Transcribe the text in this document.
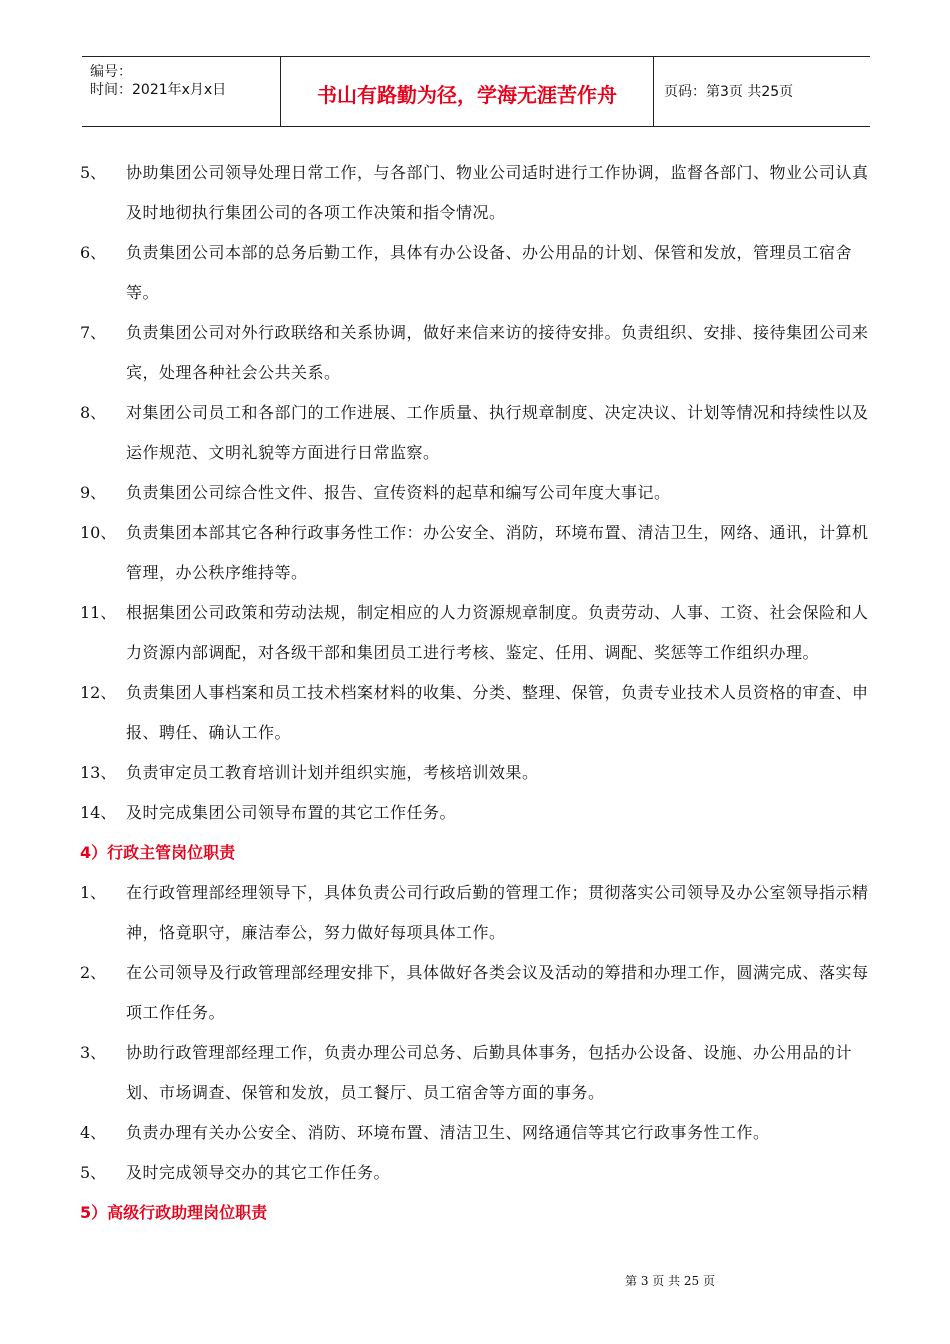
编号：
时间：2021年x月x日	书山有路勤为径，学海无涯苦作舟	页码：第3页 共25页
5、	协助集团公司领导处理日常工作，与各部门、物业公司适时进行工作协调，监督各部门、物业公司认真及时地彻执行集团公司的各项工作决策和指令情况。
6、	负责集团公司本部的总务后勤工作，具体有办公设备、办公用品的计划、保管和发放，管理员工宿舍等。
7、	负责集团公司对外行政联络和关系协调，做好来信来访的接待安排。负责组织、安排、接待集团公司来宾，处理各种社会公共关系。
8、	对集团公司员工和各部门的工作进展、工作质量、执行规章制度、决定决议、计划等情况和持续性以及运作规范、文明礼貌等方面进行日常监察。
9、	负责集团公司综合性文件、报告、宣传资料的起草和编写公司年度大事记。
10、 负责集团本部其它各种行政事务性工作：办公安全、消防，环境布置、清洁卫生，网络、通讯，计算机管理，办公秩序维持等。
11、 根据集团公司政策和劳动法规，制定相应的人力资源规章制度。负责劳动、人事、工资、社会保险和人力资源内部调配，对各级干部和集团员工进行考核、鉴定、任用、调配、奖惩等工作组织办理。
12、 负责集团人事档案和员工技术档案材料的收集、分类、整理、保管，负责专业技术人员资格的审查、申报、聘任、确认工作。
13、 负责审定员工教育培训计划并组织实施，考核培训效果。
14、 及时完成集团公司领导布置的其它工作任务。
4）行政主管岗位职责
1、	在行政管理部经理领导下，具体负责公司行政后勤的管理工作；贯彻落实公司领导及办公室领导指示精神，恪竟职守，廉洁奉公，努力做好每项具体工作。
2、	在公司领导及行政管理部经理安排下，具体做好各类会议及活动的筹措和办理工作，圆满完成、落实每项工作任务。
3、	协助行政管理部经理工作，负责办理公司总务、后勤具体事务，包括办公设备、设施、办公用品的计划、市场调查、保管和发放，员工餐厅、员工宿舍等方面的事务。
4、	负责办理有关办公安全、消防、环境布置、清洁卫生、网络通信等其它行政事务性工作。
5、	及时完成领导交办的其它工作任务。
5）高级行政助理岗位职责
第 3 页 共 25 页
